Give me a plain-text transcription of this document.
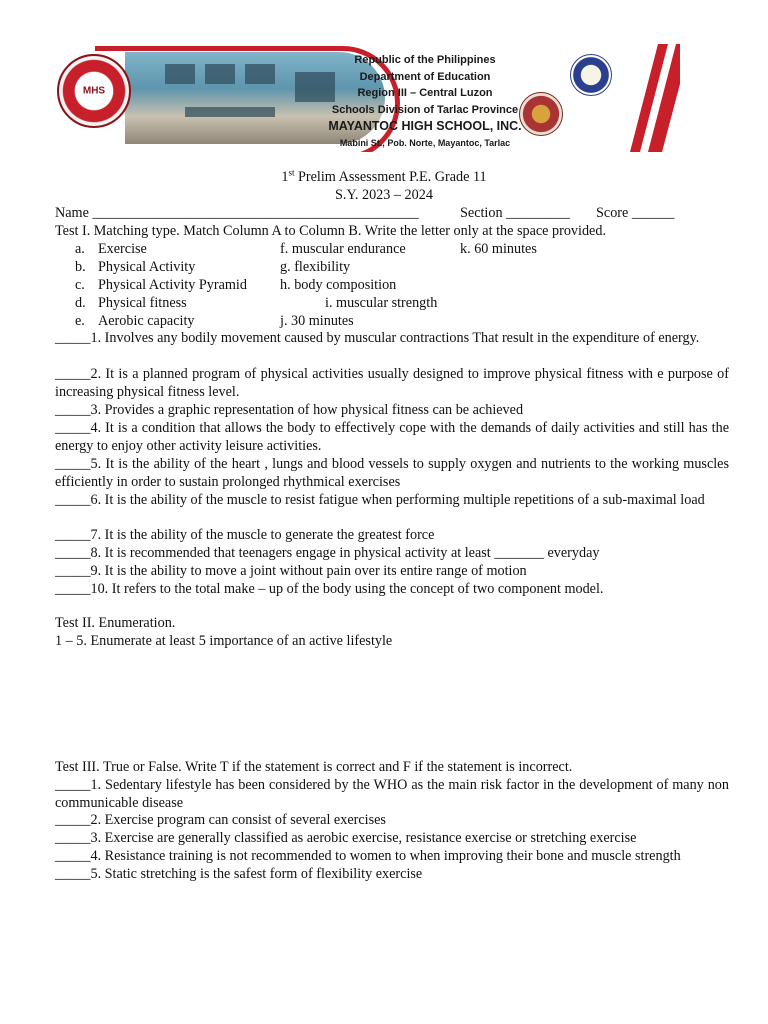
MHS
Republic of the Philippines
Department of Education
Region III – Central Luzon
Schools Division of Tarlac Province
MAYANTOC HIGH SCHOOL, INC.
Mabini St., Pob. Norte, Mayantoc, Tarlac
1st Prelim Assessment P.E. Grade 11
S.Y. 2023 – 2024
Name ______________________________________________	Section _________ Score ______
Test I. Matching type. Match Column A to Column B. Write the letter only at the space provided.
a. Exercise
b. Physical Activity
c. Physical Activity Pyramid
d. Physical fitness
e. Aerobic capacity
f. muscular endurance
g. flexibility
h. body composition
i. muscular strength
j. 30 minutes
k. 60 minutes
_____1. Involves any bodily movement caused by muscular contractions That result in the expenditure of energy.
_____2. It is a planned program of physical activities usually designed to improve physical fitness with e purpose of increasing physical fitness level.
_____3. Provides a graphic representation of how physical fitness can be achieved
_____4. It is a condition that allows the body to effectively cope with the demands of daily activities and still has the energy to enjoy other activity leisure activities.
_____5. It is the ability of the heart , lungs and blood vessels to supply oxygen and nutrients to the working muscles efficiently in order to sustain prolonged rhythmical exercises
_____6. It is the ability of the muscle to resist fatigue when performing multiple repetitions of a sub-maximal load
_____7. It is the ability of the muscle to generate the greatest force
_____8. It is recommended that teenagers engage in physical activity at least _______ everyday
_____9. It is the ability to move a joint without pain over its entire range of motion
_____10. It refers to the total make – up of the body using the concept of two component model.
Test II. Enumeration.
1 – 5. Enumerate at least 5 importance of an active lifestyle
Test III. True or False. Write T if the statement is correct and F if the statement is incorrect.
_____1. Sedentary lifestyle has been considered by the WHO as the main risk factor in the development of many non communicable disease
_____2. Exercise program can consist of several exercises
_____3. Exercise are generally classified as aerobic exercise, resistance exercise or stretching exercise
_____4. Resistance training is not recommended to women to when improving their bone and muscle strength
_____5. Static stretching is the safest form of flexibility exercise
